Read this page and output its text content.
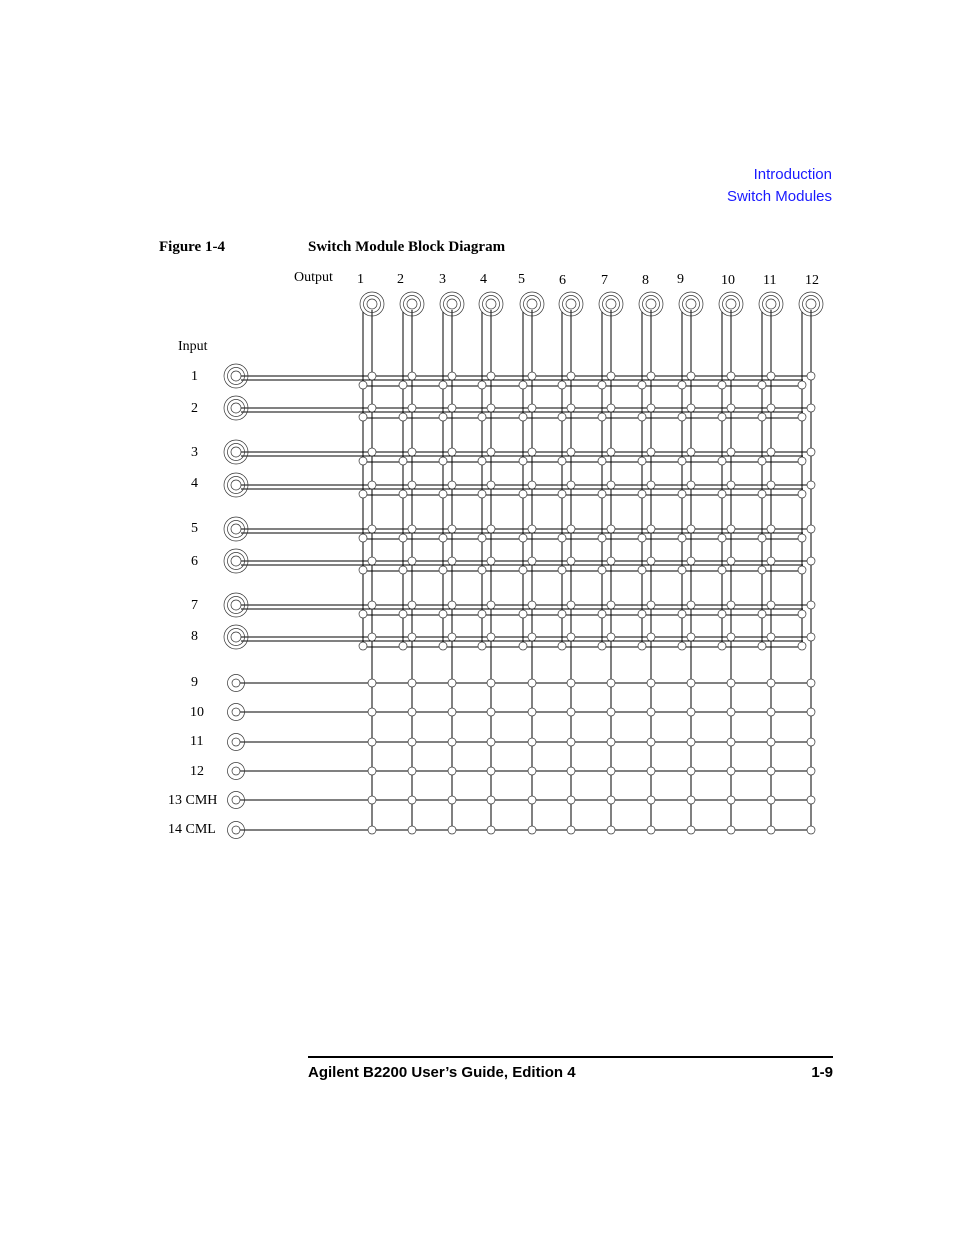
Introduction
Switch Modules
Figure 1-4	Switch Module Block Diagram
Output
Input
1 2	3 4 5 6	7 8 9	10 11 12
1
2
3
4
5
6
7
8
9
10
11
12
13 CMH
14 CML
Agilent B2200 User’s Guide, Edition 4	1-9
